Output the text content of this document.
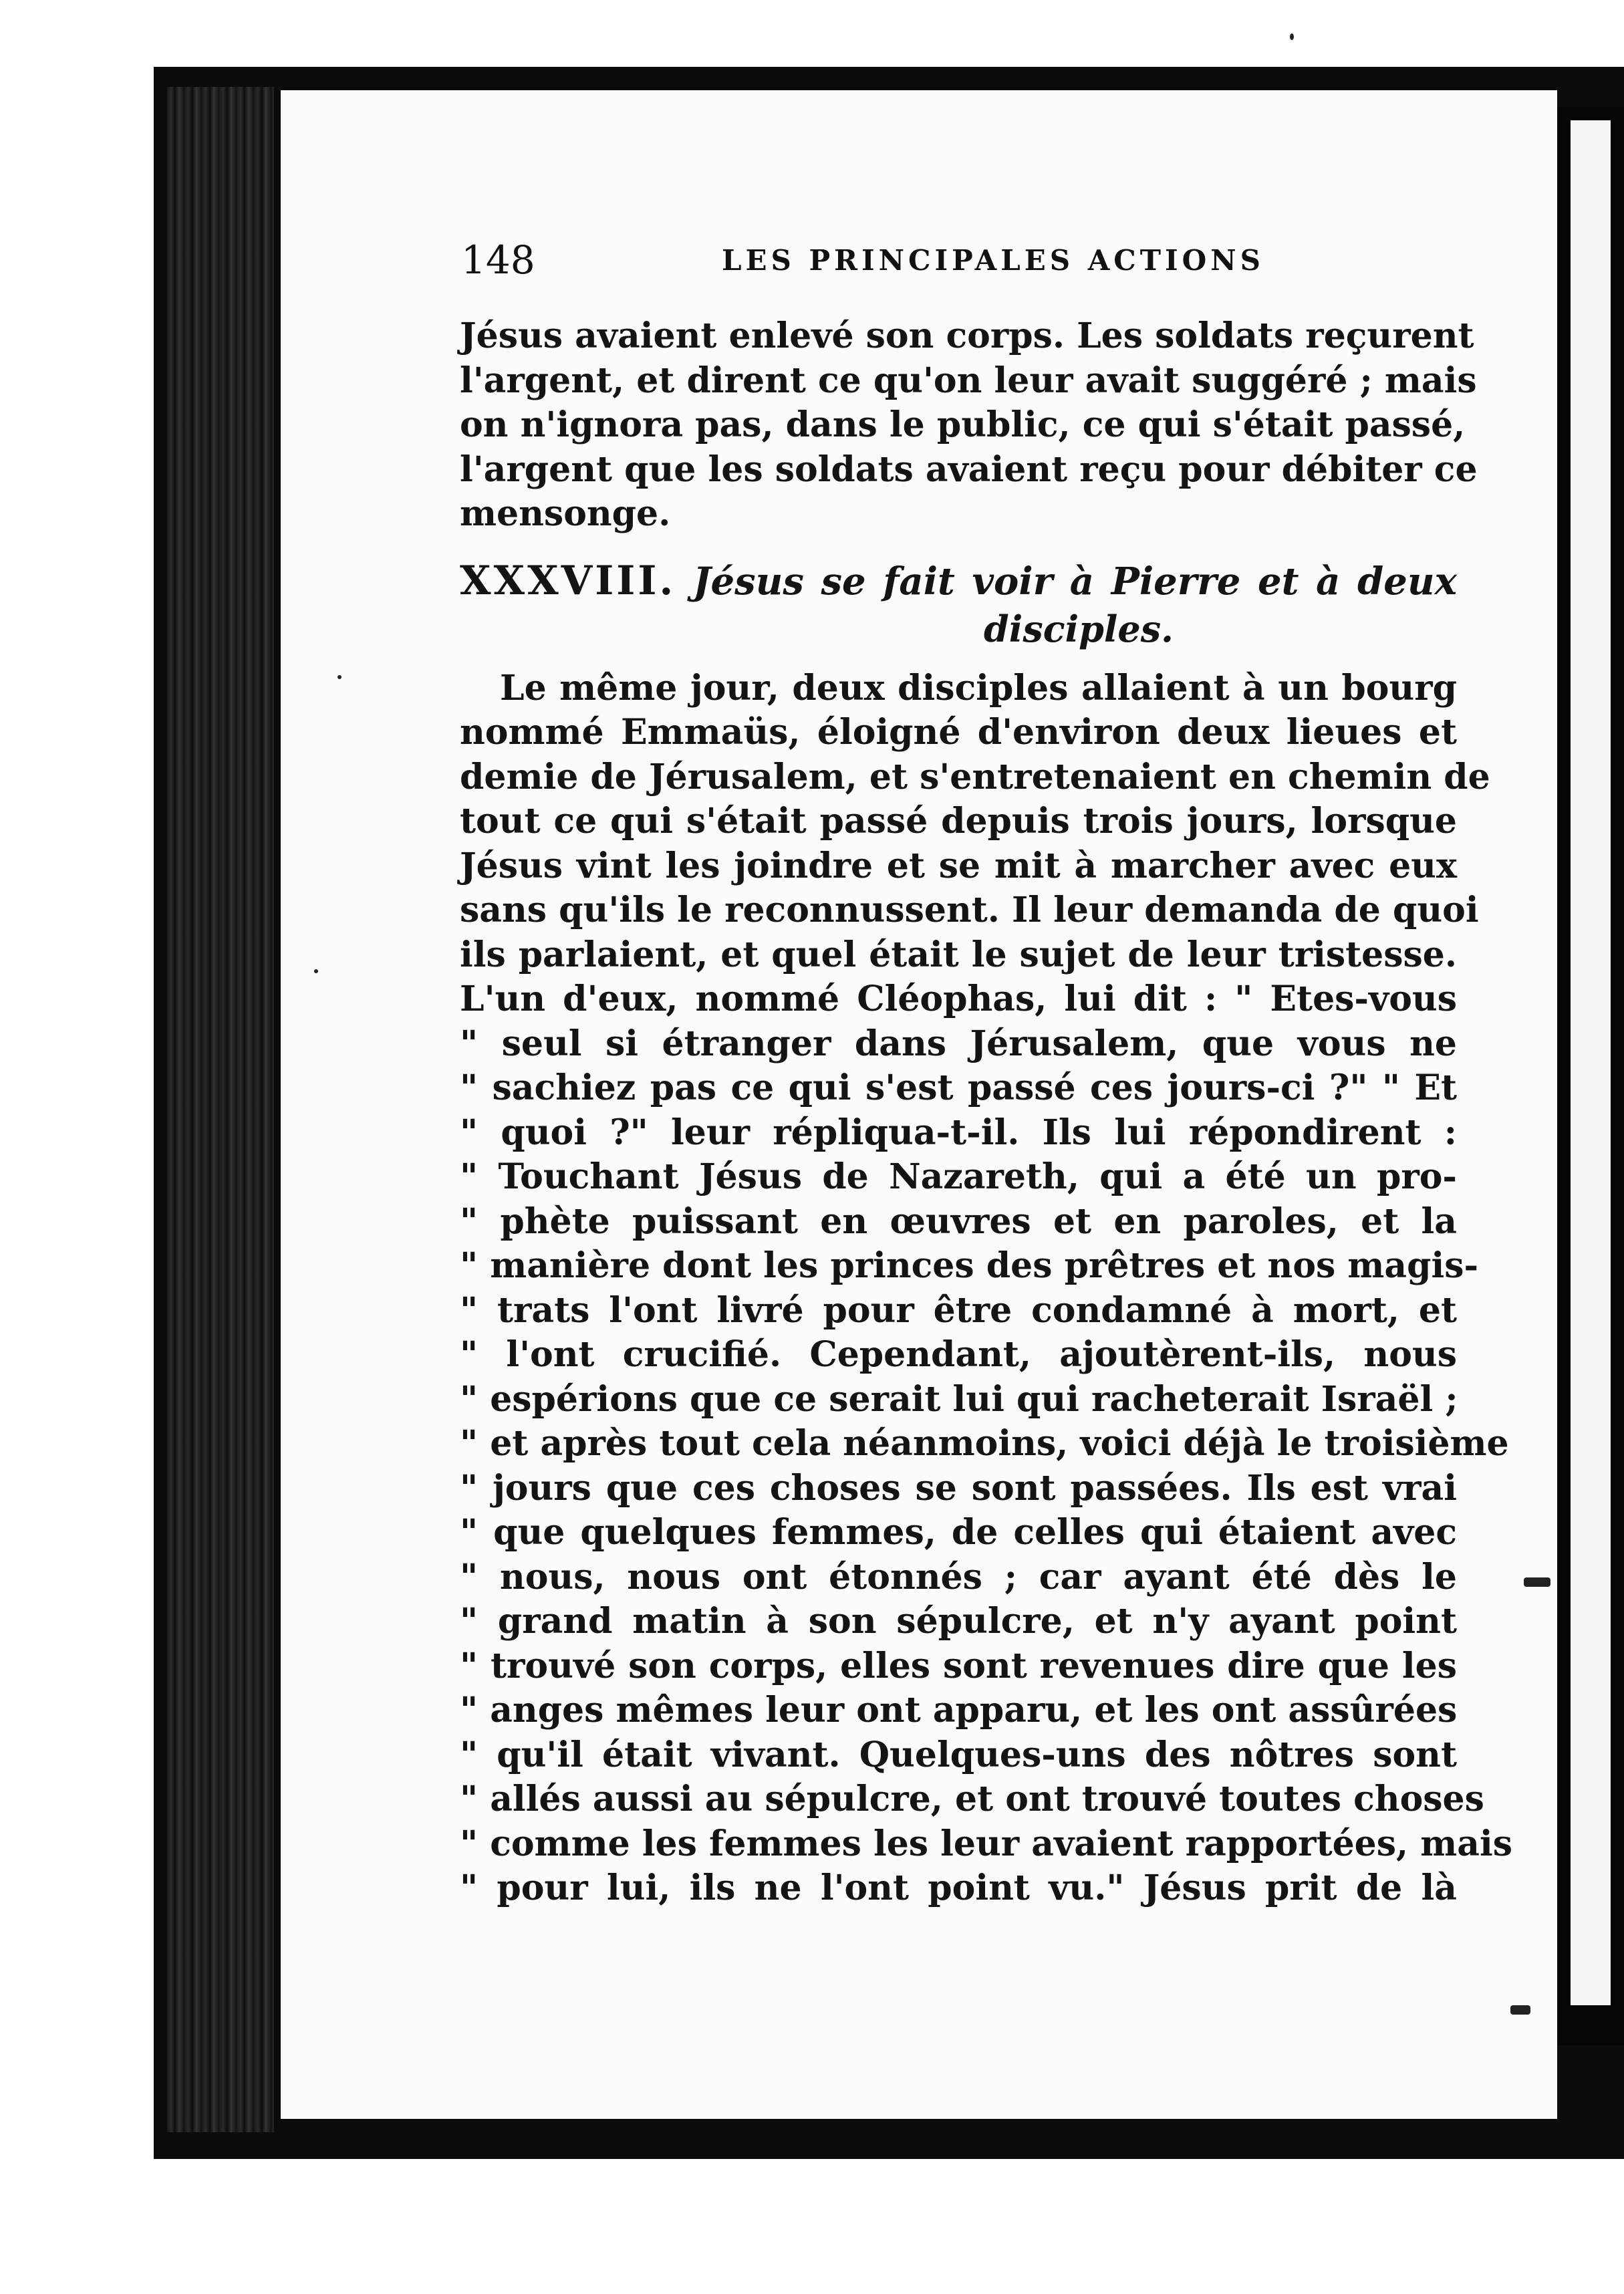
148	LES PRINCIPALES ACTIONS
Jésus avaient enlevé son corps. Les soldats reçurent
l'argent, et dirent ce qu'on leur avait suggéré ; mais
on n'ignora pas, dans le public, ce qui s'était passé,
l'argent que les soldats avaient reçu pour débiter ce
mensonge.
XXXVIII. Jésus se fait voir à Pierre et à deux
disciples.
Le même jour, deux disciples allaient à un bourg
nommé Emmaüs, éloigné d'environ deux lieues et
demie de Jérusalem, et s'entretenaient en chemin de
tout ce qui s'était passé depuis trois jours, lorsque
Jésus vint les joindre et se mit à marcher avec eux
sans qu'ils le reconnussent. Il leur demanda de quoi
ils parlaient, et quel était le sujet de leur tristesse.
L'un d'eux, nommé Cléophas, lui dit : " Etes-vous
" seul si étranger dans Jérusalem, que vous ne
" sachiez pas ce qui s'est passé ces jours-ci ?" " Et
" quoi ?" leur répliqua-t-il. Ils lui répondirent :
" Touchant Jésus de Nazareth, qui a été un pro-
" phète puissant en œuvres et en paroles, et la
" manière dont les princes des prêtres et nos magis-
" trats l'ont livré pour être condamné à mort, et
" l'ont crucifié. Cependant, ajoutèrent-ils, nous
" espérions que ce serait lui qui racheterait Israël ;
" et après tout cela néanmoins, voici déjà le troisième
" jours que ces choses se sont passées. Ils est vrai
" que quelques femmes, de celles qui étaient avec
" nous, nous ont étonnés ; car ayant été dès le
" grand matin à son sépulcre, et n'y ayant point
" trouvé son corps, elles sont revenues dire que les
" anges mêmes leur ont apparu, et les ont assûrées
" qu'il était vivant. Quelques-uns des nôtres sont
" allés aussi au sépulcre, et ont trouvé toutes choses
" comme les femmes les leur avaient rapportées, mais
" pour lui, ils ne l'ont point vu." Jésus prit de là
